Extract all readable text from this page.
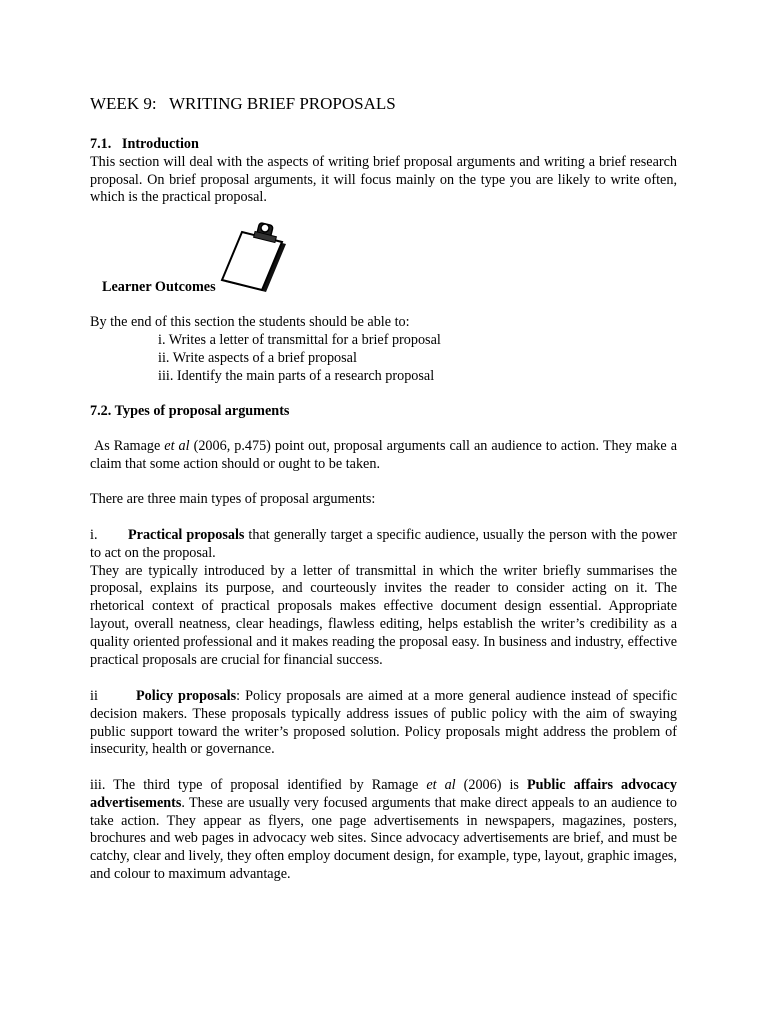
WEEK 9:   WRITING BRIEF PROPOSALS
7.1.   Introduction

This section will deal with the aspects of writing brief proposal arguments and writing a brief research proposal. On brief proposal arguments, it will focus mainly on the type you are likely to write often, which is the practical proposal.

Learner Outcomes
By the end of this section the students should be able to:
i. Writes a letter of transmittal for a brief proposal
ii. Write aspects of a brief proposal
iii. Identify the main parts of a research proposal
7.2. Types of proposal arguments

As Ramage et al (2006, p.475) point out, proposal arguments call an audience to action. They make a claim that some action should or ought to be taken.

There are three main types of proposal arguments:

i. Practical proposals that generally target a specific audience, usually the person with the power to act on the proposal.

They are typically introduced by a letter of transmittal in which the writer briefly summarises the proposal, explains its purpose, and courteously invites the reader to consider acting on it. The rhetorical context of practical proposals makes effective document design essential. Appropriate layout, overall neatness, clear headings, flawless editing, helps establish the writer’s credibility as a quality oriented professional and it makes reading the proposal easy. In business and industry, effective practical proposals are crucial for financial success.

ii	Policy proposals: Policy proposals are aimed at a more general audience instead of specific decision makers. These proposals typically address issues of public policy with the aim of swaying public support toward the writer’s proposed solution. Policy proposals might address the problem of insecurity, health or governance.

iii. The third type of proposal identified by Ramage et al (2006) is Public affairs advocacy advertisements. These are usually very focused arguments that make direct appeals to an audience to take action. They appear as flyers, one page advertisements in newspapers, magazines, posters, brochures and web pages in advocacy web sites. Since advocacy advertisements are brief, and must be catchy, clear and lively, they often employ document design, for example, type, layout, graphic images, and colour to maximum advantage.
